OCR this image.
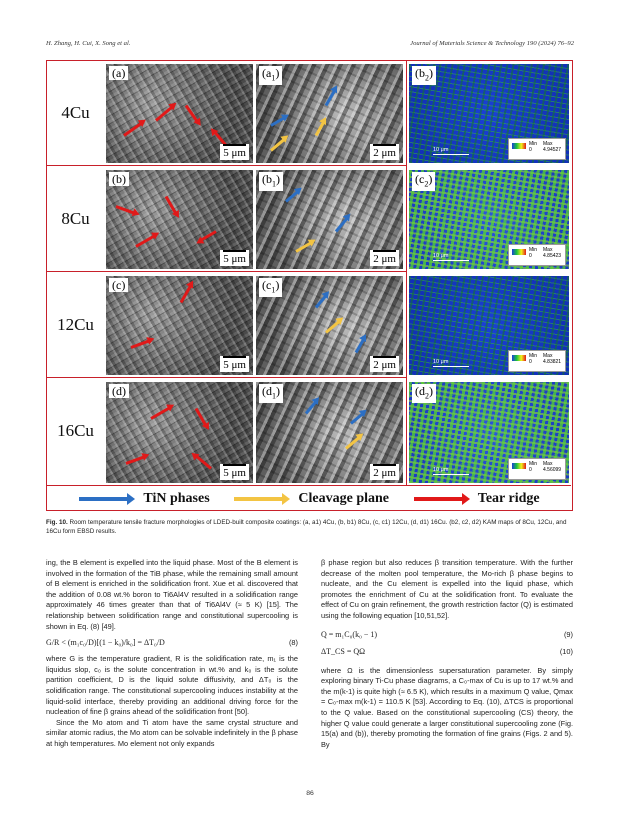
H. Zhang, H. Cui, X. Song et al.	Journal of Materials Science & Technology 190 (2024) 76–92
4Cu
8Cu
12Cu
16Cu
(a)
5 μm
$(a_1)$
2 μm
$(b_2)$
10 μm
Min
0
Max
4.94527
(b)
5 μm
$(b_1)$
2 μm
$(c_2)$
10 μm
Min
0
Max
4.85423
(c)
5 μm
$(c_1)$
2 μm	10 μm
Min
0
Max
4.83821
(d)
5 μm
$(d_1)$
2 μm
$(d_2)$
10 μm
Min
0
Max
4.56099
TiN phases	Cleavage plane	Tear ridge
Fig. 10. Room temperature tensile fracture morphologies of LDED-built composite coatings: (a, a1) 4Cu, (b, b1) 8Cu, (c, c1) 12Cu, (d, d1) 16Cu. (b2, c2, d2) KAM maps of 8Cu, 12Cu, and 16Cu form EBSD results.

ing, the B element is expelled into the liquid phase. Most of the B element is involved in the formation of the TiB phase, while the remaining small amount of B element is enriched in the solidification front. Xue et al. discovered that the addition of 0.08 wt.% boron to Ti6Al4V resulted in a solidification range approximately 46 times greater than that of Ti6Al4V (≈ 5 K) [15]. The relationship between solidification range and constitutional supercooling is shown in Eq. (8) [49].

G/R < (m₁c₀/D)[(1 − k₀)/k₀] = ΔT₀/D	(8)

where G is the temperature gradient, R is the solidification rate, m₁ is the liquidus slop, c₀ is the solute concentration in wt.% and k₀ is the solute partition coefficient, D is the liquid solute diffusivity, and ΔT₀ is the solidification range. The constitutional supercooling induces instability at the liquid-solid interface, thereby providing an additional driving force for the nucleation of fine β grains ahead of the solidification front [50].

Since the Mo atom and Ti atom have the same crystal structure and similar atomic radius, the Mo atom can be solvable indefinitely in the β phase at high temperatures. Mo element not only expands

β phase region but also reduces β transition temperature. With the further decrease of the molten pool temperature, the Mo-rich β phase begins to nucleate, and the Cu element is expelled into the liquid phase, which promotes the enrichment of Cu at the solidification front. To evaluate the effect of Cu on grain refinement, the growth restriction factor (Q) is estimated using the following equation [10,51,52].

Q = m₁C₀(k₀ − 1)	(9)
ΔT_CS = QΩ	(10)

where Ω is the dimensionless supersaturation parameter. By simply exploring binary Ti-Cu phase diagrams, a C₀-max of Cu is up to 17 wt.% and the m(k-1) is quite high (≈ 6.5 K), which results in a maximum Q value, Qmax = C₀-max m(k-1) = 110.5 K [53]. According to Eq. (10), ΔTCS is proportional to the Q value. Based on the constitutional supercooling (CS) theory, the higher Q value could generate a larger constitutional supercooling zone (Fig. 15(a) and (b)), thereby promoting the formation of fine grains (Figs. 2 and 5). By

86
